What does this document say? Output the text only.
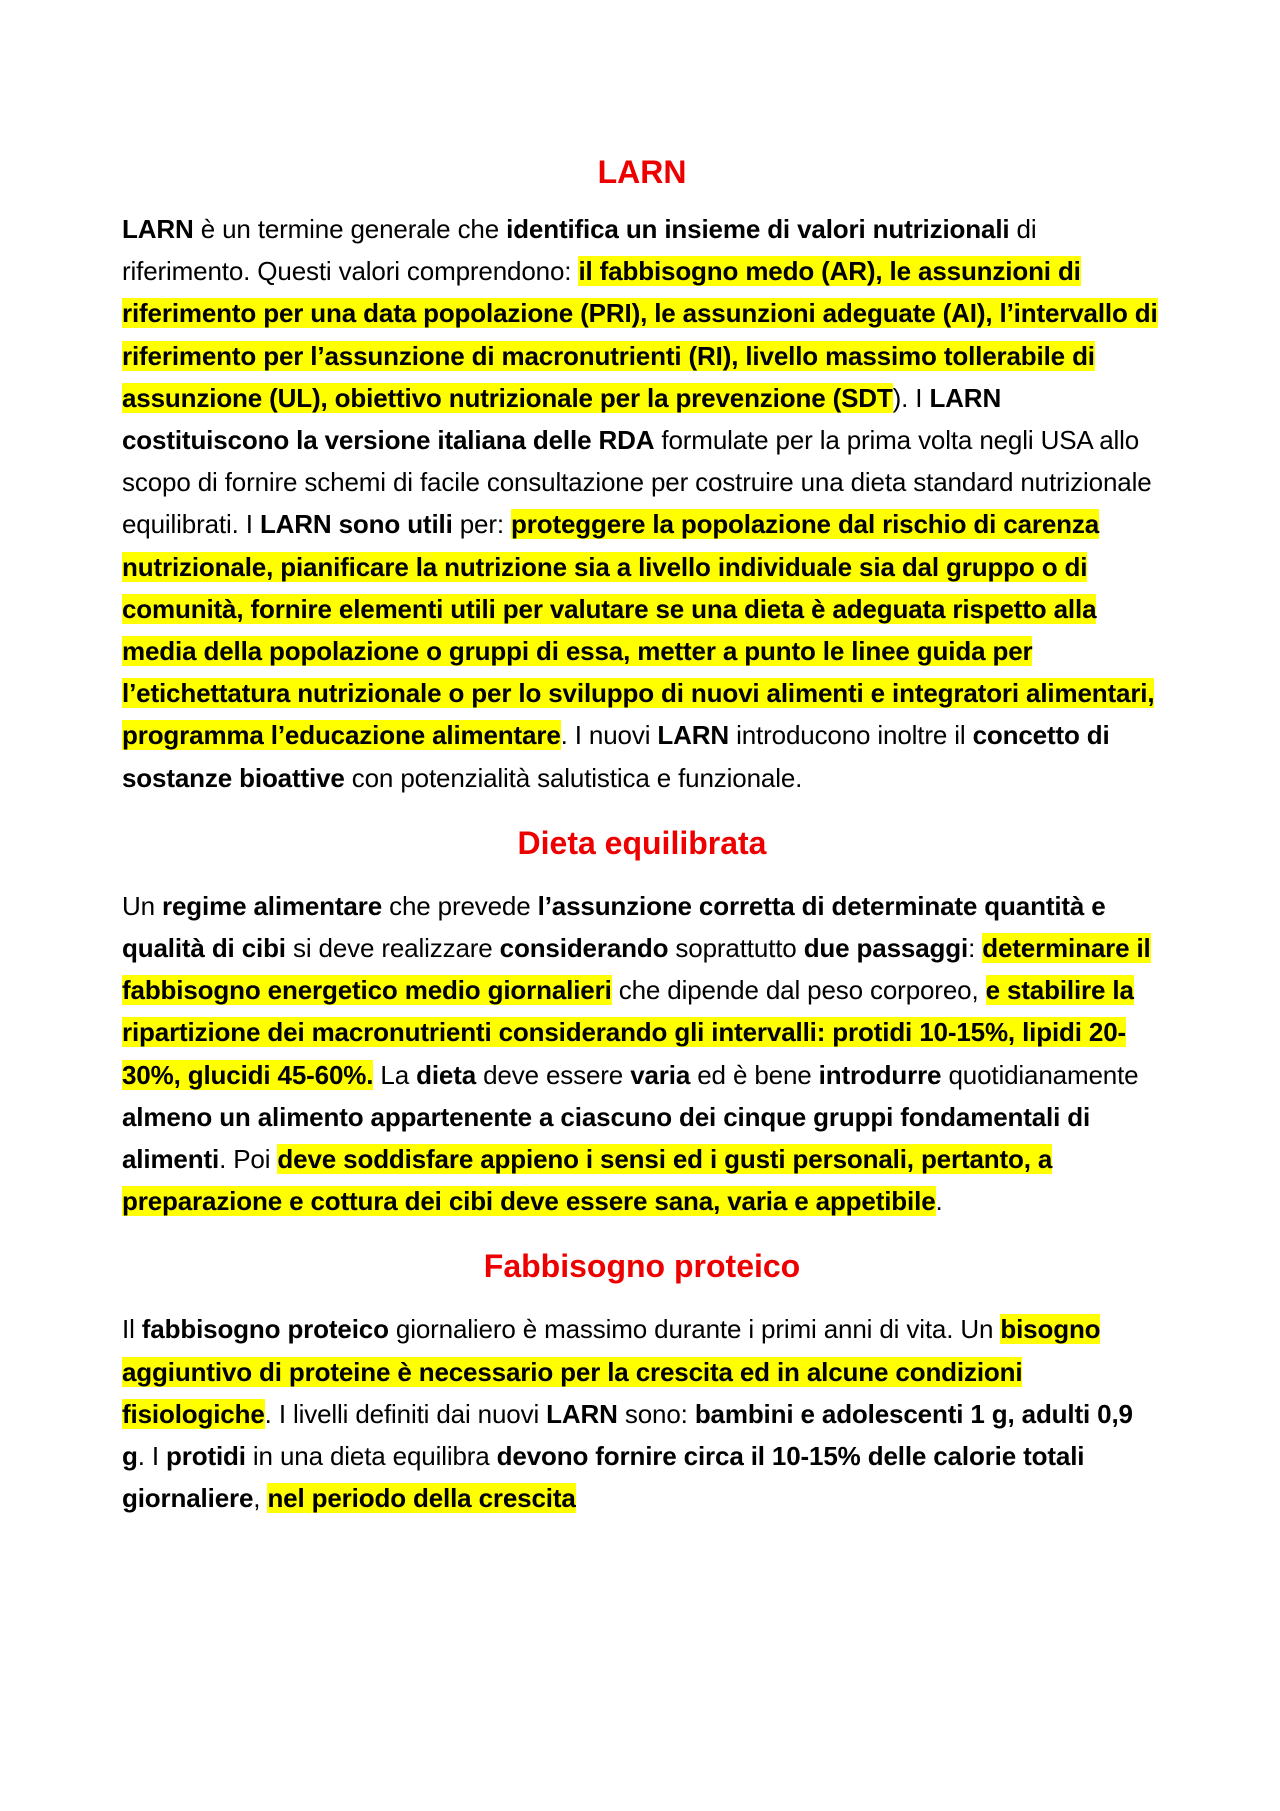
LARN

LARN è un termine generale che identifica un insieme di valori nutrizionali di riferimento. Questi valori comprendono: il fabbisogno medo (AR), le assunzioni di riferimento per una data popolazione (PRI), le assunzioni adeguate (AI), l’intervallo di riferimento per l’assunzione di macronutrienti (RI), livello massimo tollerabile di assunzione (UL), obiettivo nutrizionale per la prevenzione (SDT). I LARN costituiscono la versione italiana delle RDA formulate per la prima volta negli USA allo scopo di fornire schemi di facile consultazione per costruire una dieta standard nutrizionale equilibrati. I LARN sono utili per: proteggere la popolazione dal rischio di carenza nutrizionale, pianificare la nutrizione sia a livello individuale sia dal gruppo o di comunità, fornire elementi utili per valutare se una dieta è adeguata rispetto alla media della popolazione o gruppi di essa, metter a punto le linee guida per l’etichettatura nutrizionale o per lo sviluppo di nuovi alimenti e integratori alimentari, programma l’educazione alimentare. I nuovi LARN introducono inoltre il concetto di sostanze bioattive con potenzialità salutistica e funzionale.

Dieta equilibrata

Un regime alimentare che prevede l’assunzione corretta di determinate quantità e qualità di cibi si deve realizzare considerando soprattutto due passaggi: determinare il fabbisogno energetico medio giornalieri che dipende dal peso corporeo, e stabilire la ripartizione dei macronutrienti considerando gli intervalli: protidi 10-15%, lipidi 20-30%, glucidi 45-60%. La dieta deve essere varia ed è bene introdurre quotidianamente almeno un alimento appartenente a ciascuno dei cinque gruppi fondamentali di alimenti. Poi deve soddisfare appieno i sensi ed i gusti personali, pertanto, a preparazione e cottura dei cibi deve essere sana, varia e appetibile.

Fabbisogno proteico

Il fabbisogno proteico giornaliero è massimo durante i primi anni di vita. Un bisogno aggiuntivo di proteine è necessario per la crescita ed in alcune condizioni fisiologiche. I livelli definiti dai nuovi LARN sono: bambini e adolescenti 1 g, adulti 0,9 g. I protidi in una dieta equilibra devono fornire circa il 10-15% delle calorie totali giornaliere, nel periodo della crescita
